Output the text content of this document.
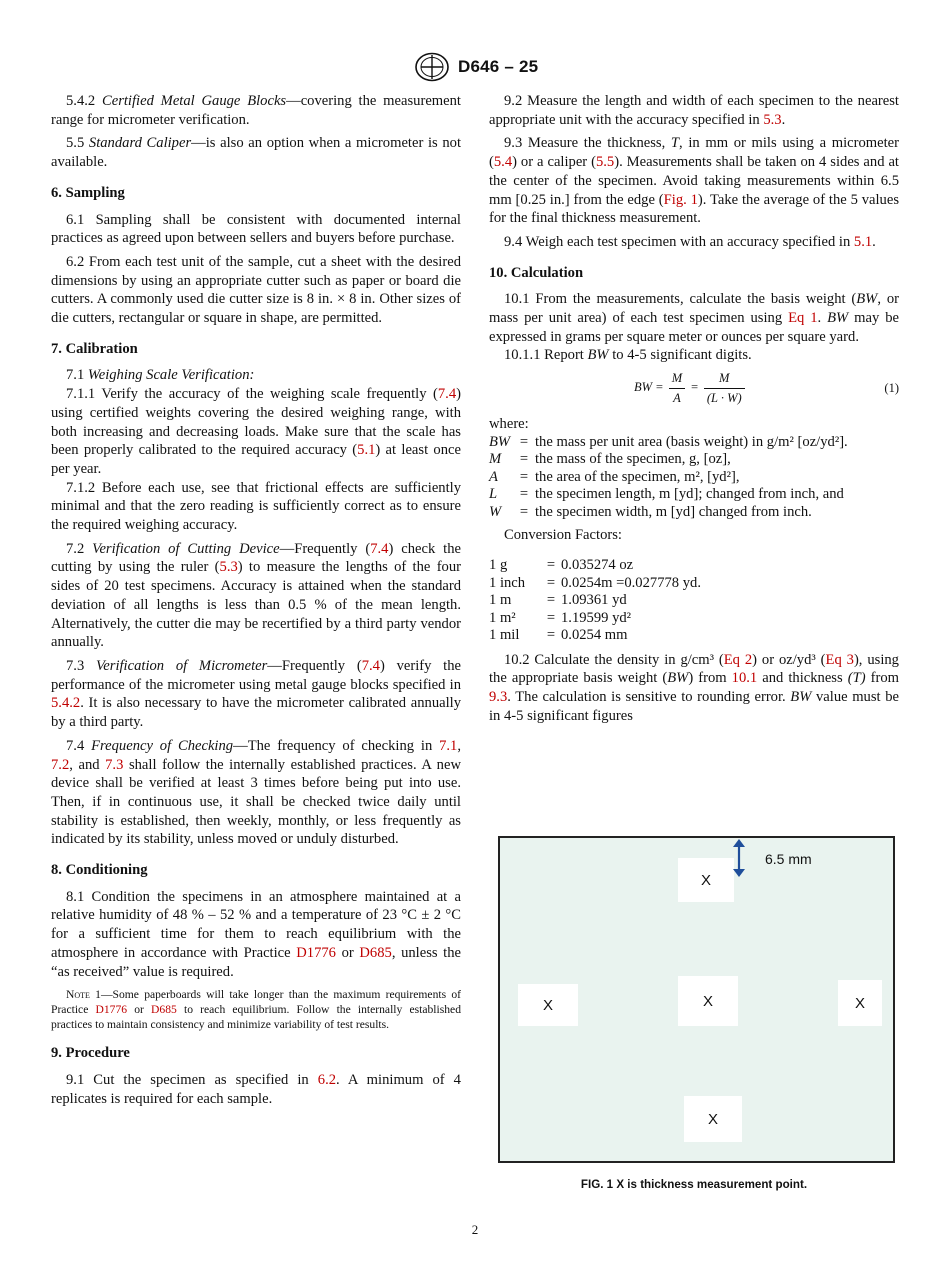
D646 – 25

5.4.2 Certified Metal Gauge Blocks—covering the measurement range for micrometer verification.

5.5 Standard Caliper—is also an option when a micrometer is not available.

6. Sampling

6.1 Sampling shall be consistent with documented internal practices as agreed upon between sellers and buyers before purchase.

6.2 From each test unit of the sample, cut a sheet with the desired dimensions by using an appropriate cutter such as paper or board die cutters. A commonly used die cutter size is 8 in. × 8 in. Other sizes of die cutters, rectangular or square in shape, are permitted.

7. Calibration

7.1 Weighing Scale Verification:

7.1.1 Verify the accuracy of the weighing scale frequently (7.4) using certified weights covering the desired weighing range, with both increasing and decreasing loads. Make sure that the scale has been properly calibrated to the required accuracy (5.1) at least once per year.

7.1.2 Before each use, see that frictional effects are sufficiently minimal and that the zero reading is sufficiently correct as to ensure the required weighing accuracy.

7.2 Verification of Cutting Device—Frequently (7.4) check the cutting by using the ruler (5.3) to measure the lengths of the four sides of 20 test specimens. Accuracy is attained when the standard deviation of all lengths is less than 0.5 % of the mean length. Alternatively, the cutter die may be recertified by a third party vendor annually.

7.3 Verification of Micrometer—Frequently (7.4) verify the performance of the micrometer using metal gauge blocks specified in 5.4.2. It is also necessary to have the micrometer calibrated annually by a third party.

7.4 Frequency of Checking—The frequency of checking in 7.1, 7.2, and 7.3 shall follow the internally established practices. A new device shall be verified at least 3 times before being put into use. Then, if in continuous use, it shall be checked twice daily until stability is established, then weekly, monthly, or less frequently as indicated by its stability, unless moved or unduly disturbed.

8. Conditioning

8.1 Condition the specimens in an atmosphere maintained at a relative humidity of 48 % – 52 % and a temperature of 23 °C ± 2 °C for a sufficient time for them to reach equilibrium with the atmosphere in accordance with Practice D1776 or D685, unless the “as received” value is required.

Note 1—Some paperboards will take longer than the maximum requirements of Practice D1776 or D685 to reach equilibrium. Follow the internally established practices to maintain consistency and minimize variability of test results.

9. Procedure

9.1 Cut the specimen as specified in 6.2. A minimum of 4 replicates is required for each sample.

9.2 Measure the length and width of each specimen to the nearest appropriate unit with the accuracy specified in 5.3.

9.3 Measure the thickness, T, in mm or mils using a micrometer (5.4) or a caliper (5.5). Measurements shall be taken on 4 sides and at the center of the specimen. Avoid taking measurements within 6.5 mm [0.25 in.] from the edge (Fig. 1). Take the average of the 5 values for the final thickness measurement.

9.4 Weigh each test specimen with an accuracy specified in 5.1.

10. Calculation

10.1 From the measurements, calculate the basis weight (BW, or mass per unit area) of each test specimen using Eq 1. BW may be expressed in grams per square meter or ounces per square yard.

10.1.1 Report BW to 4-5 significant digits.

BW = $\frac{M}{A} = \frac{M}{(L \cdot W)}$	(1)

where:

BW	=	the mass per unit area (basis weight) in g/m² [oz/yd²].
M	=	the mass of the specimen, g, [oz],
A	=	the area of the specimen, m², [yd²],
L	=	the specimen length, m [yd]; changed from inch, and
W	=	the specimen width, m [yd] changed from inch.

Conversion Factors:

1 g	=	0.035274 oz
1 inch	=	0.0254m =0.027778 yd.
1 m	=	1.09361 yd
1 m²	=	1.19599 yd²
1 mil	=	0.0254 mm

10.2 Calculate the density in g/cm³ (Eq 2) or oz/yd³ (Eq 3), using the appropriate basis weight (BW) from 10.1 and thickness (T) from 9.3. The calculation is sensitive to rounding error. BW value must be in 4-5 significant figures

X
6.5 mm
X	X	X
X
FIG. 1 X is thickness measurement point.
2
